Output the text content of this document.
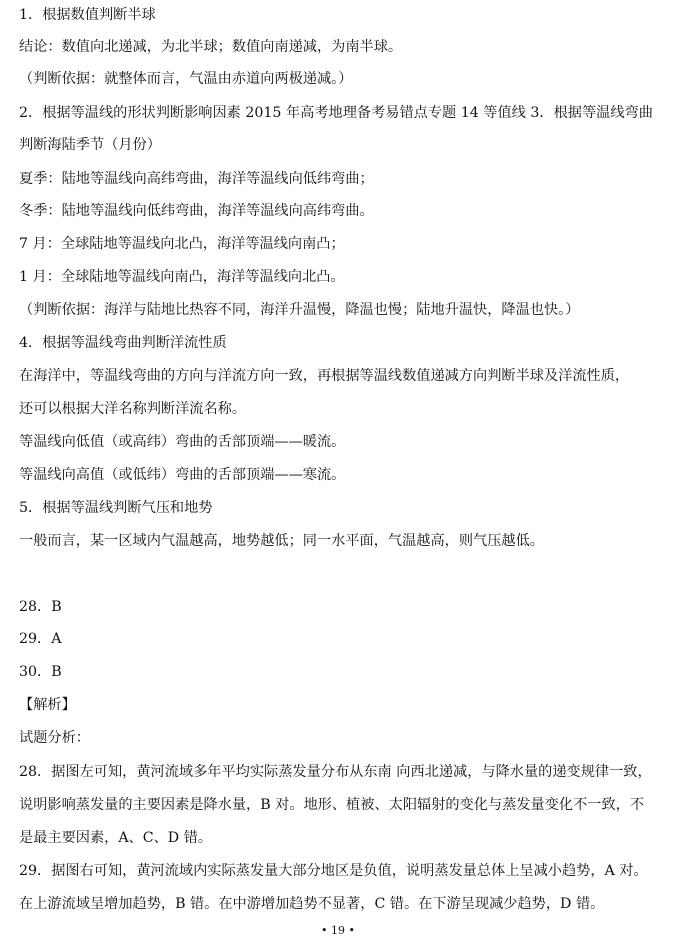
1．根据数值判断半球
结论：数值向北递减，为北半球；数值向南递减，为南半球。
（判断依据：就整体而言，气温由赤道向两极递减。）
2．根据等温线的形状判断影响因素 2015 年高考地理备考易错点专题 14 等值线 3．根据等温线弯曲
判断海陆季节（月份）
夏季：陆地等温线向高纬弯曲，海洋等温线向低纬弯曲；
冬季：陆地等温线向低纬弯曲，海洋等温线向高纬弯曲。
7 月：全球陆地等温线向北凸，海洋等温线向南凸；
1 月：全球陆地等温线向南凸，海洋等温线向北凸。
（判断依据：海洋与陆地比热容不同，海洋升温慢，降温也慢；陆地升温快，降温也快。）
4．根据等温线弯曲判断洋流性质
在海洋中，等温线弯曲的方向与洋流方向一致，再根据等温线数值递减方向判断半球及洋流性质，
还可以根据大洋名称判断洋流名称。
等温线向低值（或高纬）弯曲的舌部顶端——暖流。
等温线向高值（或低纬）弯曲的舌部顶端——寒流。
5．根据等温线判断气压和地势
一般而言，某一区域内气温越高，地势越低；同一水平面，气温越高，则气压越低。
28．B
29．A
30．B
【解析】
试题分析：
28．据图左可知，黄河流域多年平均实际蒸发量分布从东南 向西北递减，与降水量的递变规律一致，
说明影响蒸发量的主要因素是降水量，B 对。地形、植被、太阳辐射的变化与蒸发量变化不一致，不
是最主要因素，A、C、D 错。
29．据图右可知，黄河流域内实际蒸发量大部分地区是负值，说明蒸发量总体上呈减小趋势，A 对。
在上游流域呈增加趋势，B 错。在中游增加趋势不显著，C 错。在下游呈现减少趋势，D 错。
• 19 •
